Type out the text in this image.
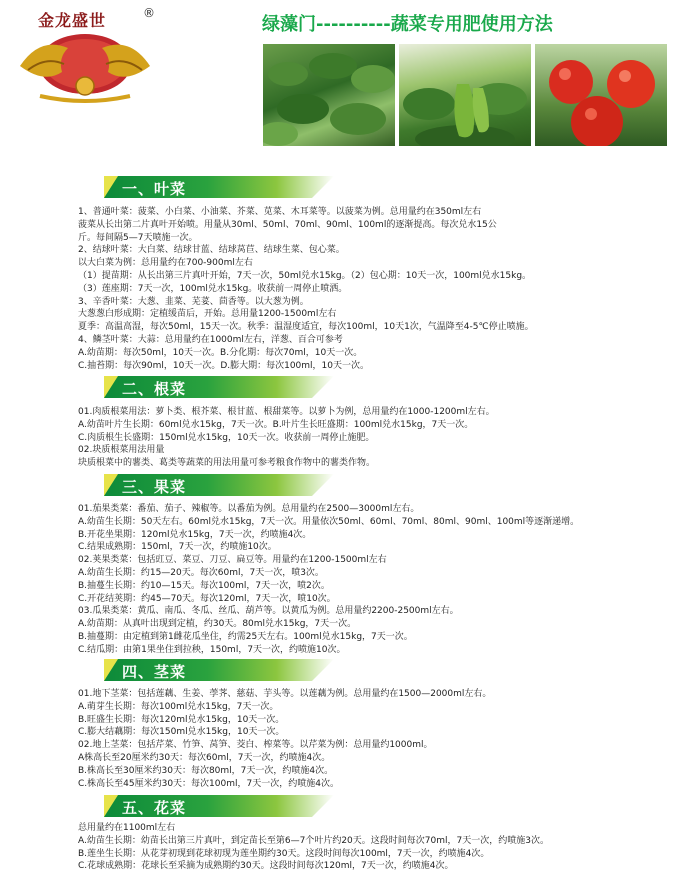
金龙盛世	®
绿藻门----------蔬菜专用肥使用方法
一、叶菜
1、普通叶菜：菠菜、小白菜、小油菜、芥菜、苋菜、木耳菜等。以菠菜为例。总用量约在350ml左右
菠菜从长出第二片真叶开始喷。用量从30ml、50ml、70ml、90ml、100ml的逐渐提高。每次兑水15公
斤。每间隔5—7天喷施一次。
2、结球叶菜：大白菜、结球甘蓝、结球莴苣、结球生菜、包心菜。
以大白菜为例：总用量约在700-900ml左右
（1）提苗期：从长出第三片真叶开始，7天一次，50ml兑水15kg。（2）包心期：10天一次，100ml兑水15kg。
（3）莲座期：7天一次，100ml兑水15kg。收获前一周停止喷洒。
3、辛香叶菜：大葱、韭菜、芜荽、茴香等。以大葱为例。
大葱葱白形成期：定植缓苗后，开始。总用量1200-1500ml左右
夏季：高温高湿，每次50ml，15天一次。秋季：温湿度适宜，每次100ml，10天1次，气温降至4-5℃停止喷施。
4、鳞茎叶菜：大蒜：总用量约在1000ml左右，洋葱、百合可参考
A.幼苗期：每次50ml，10天一次。B.分化期：每次70ml，10天一次。
C.抽苔期：每次90ml，10天一次。D.膨大期：每次100ml，10天一次。
二、根菜
01.肉质根菜用法：萝卜类、根芥菜、根甘蓝、根甜菜等。以萝卜为例，总用量约在1000-1200ml左右。
A.幼苗叶片生长期：60ml兑水15kg，7天一次。B.叶片生长旺盛期：100ml兑水15kg，7天一次。
C.肉质根生长盛期：150ml兑水15kg，10天一次。收获前一周停止施肥。
02.块质根菜用法用量
块质根菜中的薯类、葛类等蔬菜的用法用量可参考粮食作物中的薯类作物。
三、果菜
01.茄果类菜：番茄、茄子、辣椒等。以番茄为例。总用量约在2500—3000ml左右。
A.幼苗生长期：50天左右。60ml兑水15kg，7天一次。用量依次50ml、60ml、70ml、80ml、90ml、100ml等逐渐递增。
B.开花坐果期：120ml兑水15kg，7天一次，约喷施4次。
C.结果成熟期：150ml，7天一次，约喷施10次。
02.荚果类菜：包括豇豆、菜豆、刀豆、扁豆等。用量约在1200-1500ml左右
A.幼苗生长期：约15—20天。每次60ml，7天一次，喷3次。
B.抽蔓生长期：约10—15天。每次100ml，7天一次，喷2次。
C.开花结荚期：约45—70天。每次120ml，7天一次，喷10次。
03.瓜果类菜：黄瓜、南瓜、冬瓜、丝瓜、葫芦等。以黄瓜为例。总用量约2200-2500ml左右。
A.幼苗期：从真叶出现到定植，约30天。80ml兑水15kg，7天一次。
B.抽蔓期：由定植到第1雌花瓜坐住，约需25天左右。100ml兑水15kg，7天一次。
C.结瓜期：由第1果坐住到拉秧，150ml，7天一次，约喷施10次。
四、茎菜
01.地下茎菜：包括莲藕、生姜、荸荠、慈菇、芋头等。以莲藕为例。总用量约在1500—2000ml左右。
A.萌芽生长期：每次100ml兑水15kg，7天一次。
B.旺盛生长期：每次120ml兑水15kg，10天一次。
C.膨大结藕期：每次150ml兑水15kg，10天一次。
02.地上茎菜：包括芹菜、竹笋、莴笋、茭白、榨菜等。以芹菜为例：总用量约1000ml。
A株高长至20厘米约30天：每次60ml，7天一次，约喷施4次。
B.株高长至30厘米约30天：每次80ml，7天一次，约喷施4次。
C.株高长至45厘米约30天：每次100ml，7天一次，约喷施4次。
五、花菜
总用量约在1100ml左右
A.幼苗生长期：幼苗长出第三片真叶，到定苗长至第6—7个叶片约20天。这段时间每次70ml，7天一次，约喷施3次。
B.莲坐生长期：从花芽初现到花球初现为莲坐期约30天。这段时间每次100ml，7天一次，约喷施4次。
C.花球成熟期：花球长至采摘为成熟期约30天。这段时间每次120ml，7天一次，约喷施4次。
